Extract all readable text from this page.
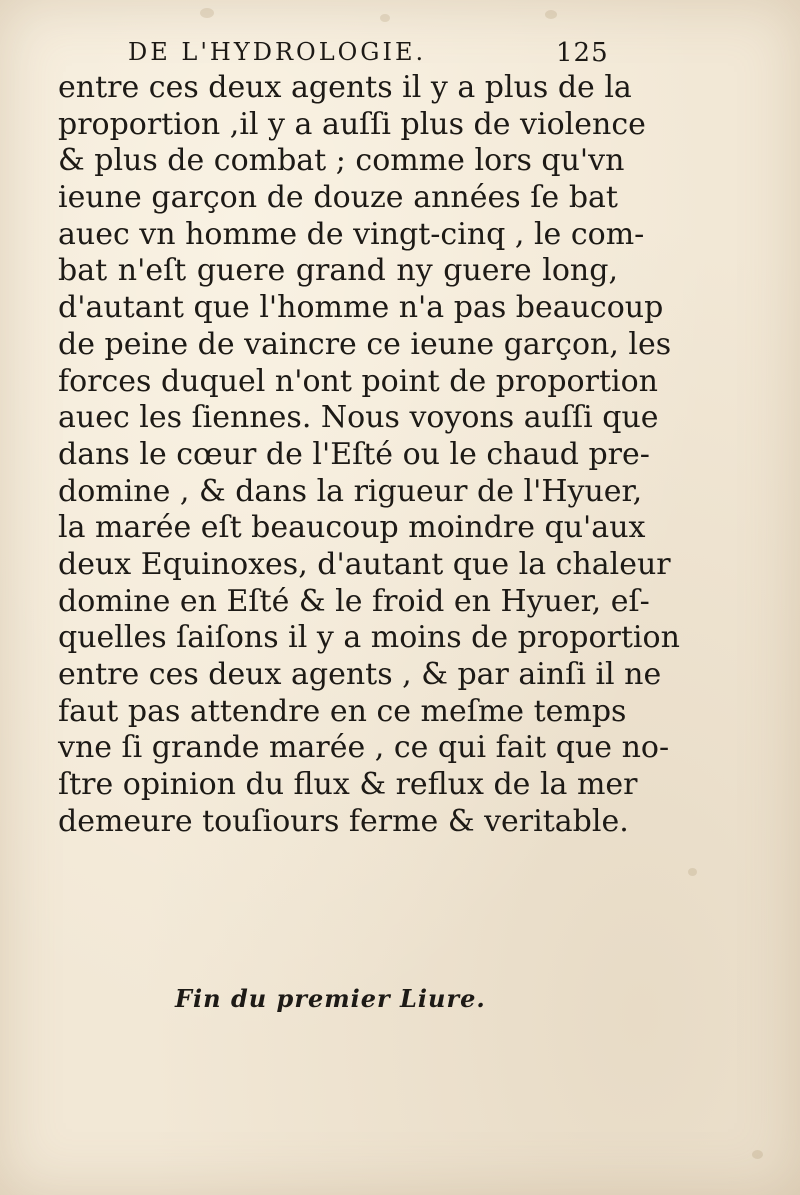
DE L'HYDROLOGIE.	125
entre ces deux agents il y a plus de la
proportion ,il y a auſſi plus de violence
& plus de combat ; comme lors qu'vn
ieune garçon de douze années ſe bat
auec vn homme de vingt-cinq , le com-
bat n'eſt guere grand ny guere long,
d'autant que l'homme n'a pas beaucoup
de peine de vaincre ce ieune garçon, les
forces duquel n'ont point de proportion
auec les ſiennes. Nous voyons auſſi que
dans le cœur de l'Eſté ou le chaud pre-
domine , & dans la rigueur de l'Hyuer,
la marée eſt beaucoup moindre qu'aux
deux Equinoxes, d'autant que la chaleur
domine en Eſté & le froid en Hyuer, eſ-
quelles ſaiſons il y a moins de proportion
entre ces deux agents , & par ainſi il ne
faut pas attendre en ce meſme temps
vne ſi grande marée , ce qui fait que no-
ſtre opinion du flux & reflux de la mer
demeure touſiours ferme & veritable.
Fin du premier Liure.
